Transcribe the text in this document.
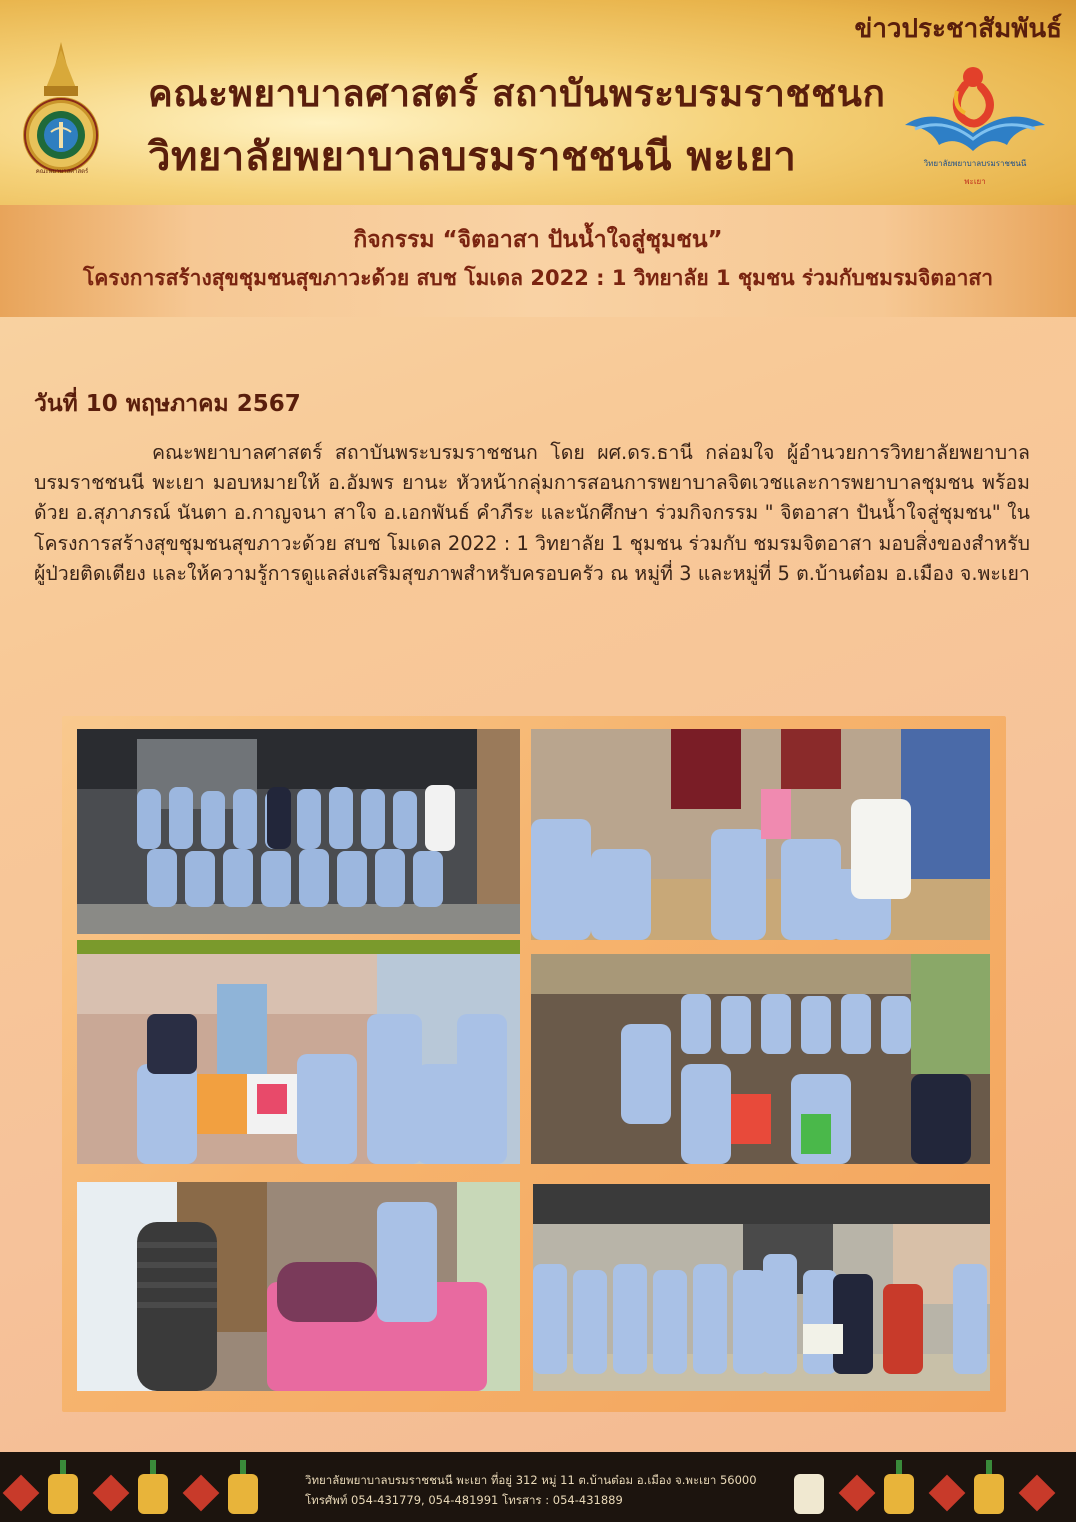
คณะพยาบาลศาสตร์
วิทยาลัยพยาบาลบรมราชชนนี
พะเยา
ข่าวประชาสัมพันธ์
คณะพยาบาลศาสตร์ สถาบันพระบรมราชชนก
วิทยาลัยพยาบาลบรมราชชนนี พะเยา
กิจกรรม “จิตอาสา ปันน้ำใจสู่ชุมชน”
โครงการสร้างสุขชุมชนสุขภาวะด้วย สบช โมเดล 2022 : 1 วิทยาลัย 1 ชุมชน ร่วมกับชมรมจิตอาสา
วันที่ 10 พฤษภาคม 2567

คณะพยาบาลศาสตร์ สถาบันพระบรมราชชนก โดย ผศ.ดร.ธานี กล่อมใจ ผู้อำนวยการวิทยาลัยพยาบาลบรมราชชนนี พะเยา มอบหมายให้ อ.อัมพร ยานะ หัวหน้ากลุ่มการสอนการพยาบาลจิตเวชและการพยาบาลชุมชน พร้อมด้วย อ.สุภาภรณ์ นันตา อ.กาญจนา สาใจ อ.เอกพันธ์ คำภีระ และนักศึกษา ร่วมกิจกรรม " จิตอาสา ปันน้ำใจสู่ชุมชน" ในโครงการสร้างสุขชุมชนสุขภาวะด้วย สบช โมเดล 2022 : 1 วิทยาลัย 1 ชุมชน ร่วมกับ ชมรมจิตอาสา มอบสิ่งของสำหรับผู้ป่วยติดเตียง และให้ความรู้การดูแลส่งเสริมสุขภาพสำหรับครอบครัว ณ หมู่ที่ 3 และหมู่ที่ 5 ต.บ้านต๋อม อ.เมือง จ.พะเยา

วิทยาลัยพยาบาลบรมราชชนนี พะเยา ที่อยู่ 312 หมู่ 11 ต.บ้านต๋อม อ.เมือง จ.พะเยา 56000
โทรศัพท์ 054-431779, 054-481991 โทรสาร : 054-431889
